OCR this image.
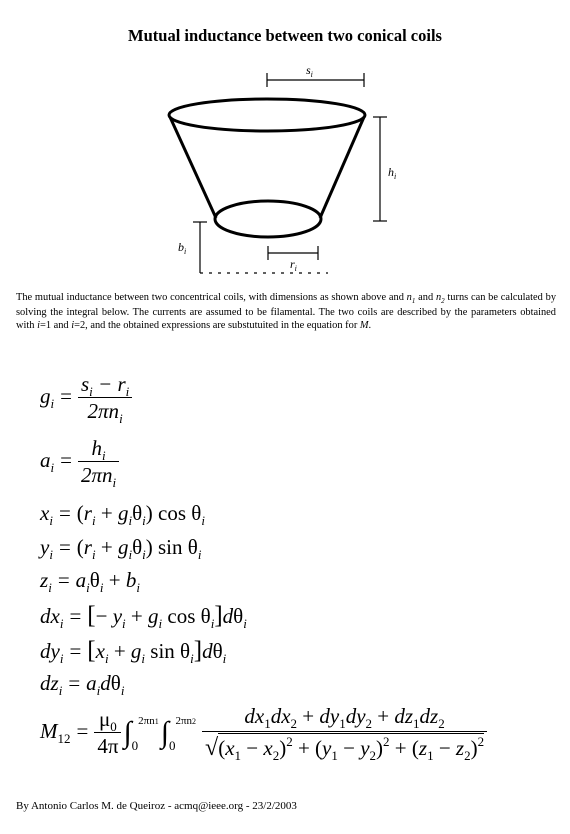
Mutual inductance between two conical coils
$s_i$
$h_i$
$b_i$
$r_i$
The mutual inductance between two concentrical coils, with dimensions as shown above and $n_1$ and $n_2$ turns can be calculated by solving the integral below. The currents are assumed to be filamental. The two coils are described by the parameters obtained with i=1 and i=2, and the obtained expressions are substutuited in the equation for M.
$g_i = \frac{s_i - r_i}{2\pi n_i}$
$a_i = \frac{h_i}{2\pi n_i}$
$x_i = (r_i + g_i\theta_i)$ $\cos \theta_i$
$y_i = (r_i + g_i\theta_i)$ $\sin \theta_i$
$z_i = a_i\theta_i + b_i$
$dx_i$ = [− $y_i + g_i$ $\cos \theta_i]d\theta_i$
$dy_i = [x_i + g_i$ $\sin \theta_i]d\theta_i$
$dz_i = a_id\theta_i$
$M_{12} = \frac{\mu_0}{4\pi} \int_0^{2\pi n1}\int_0^{2\pi n2} \frac{dx_1dx_2 + dy_1dy_2 + dz_1dz_2}{√(x_1 - x_2)^2 + (y_1 - y_2)^2 + (z_1 - z_2)^2}$
By Antonio Carlos M. de Queiroz - acmq@ieee.org - 23/2/2003
